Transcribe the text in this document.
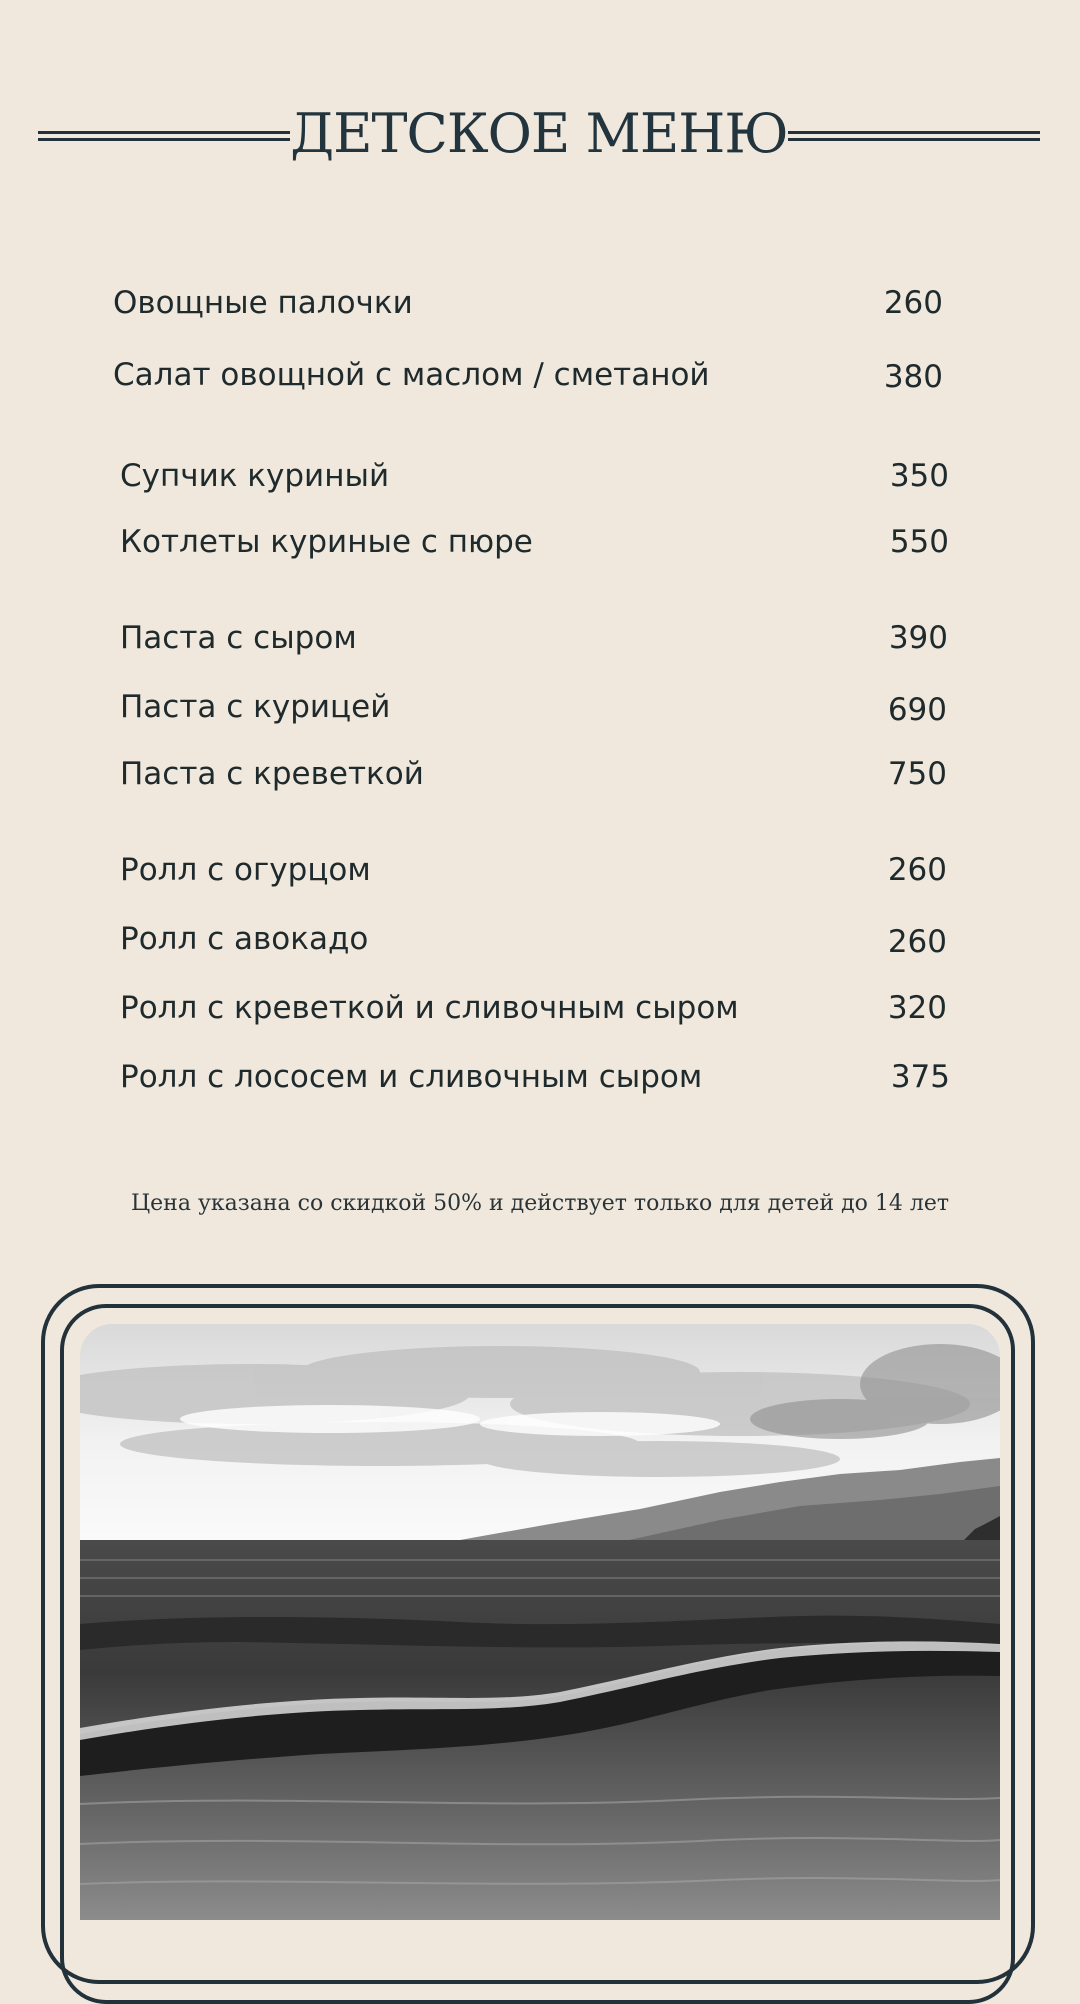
ДЕТСКОЕ МЕНЮ
Овощные палочки	260
Салат овощной с маслом / сметаной	380
Супчик куриный	350
Котлеты куриные с пюре	550
Паста с сыром	390
Паста с курицей	690
Паста с креветкой	750
Ролл с огурцом	260
Ролл с авокадо	260
Ролл с креветкой и сливочным сыром	320
Ролл с лососем и сливочным сыром	375
Цена указана со скидкой 50% и действует только для детей до 14 лет
